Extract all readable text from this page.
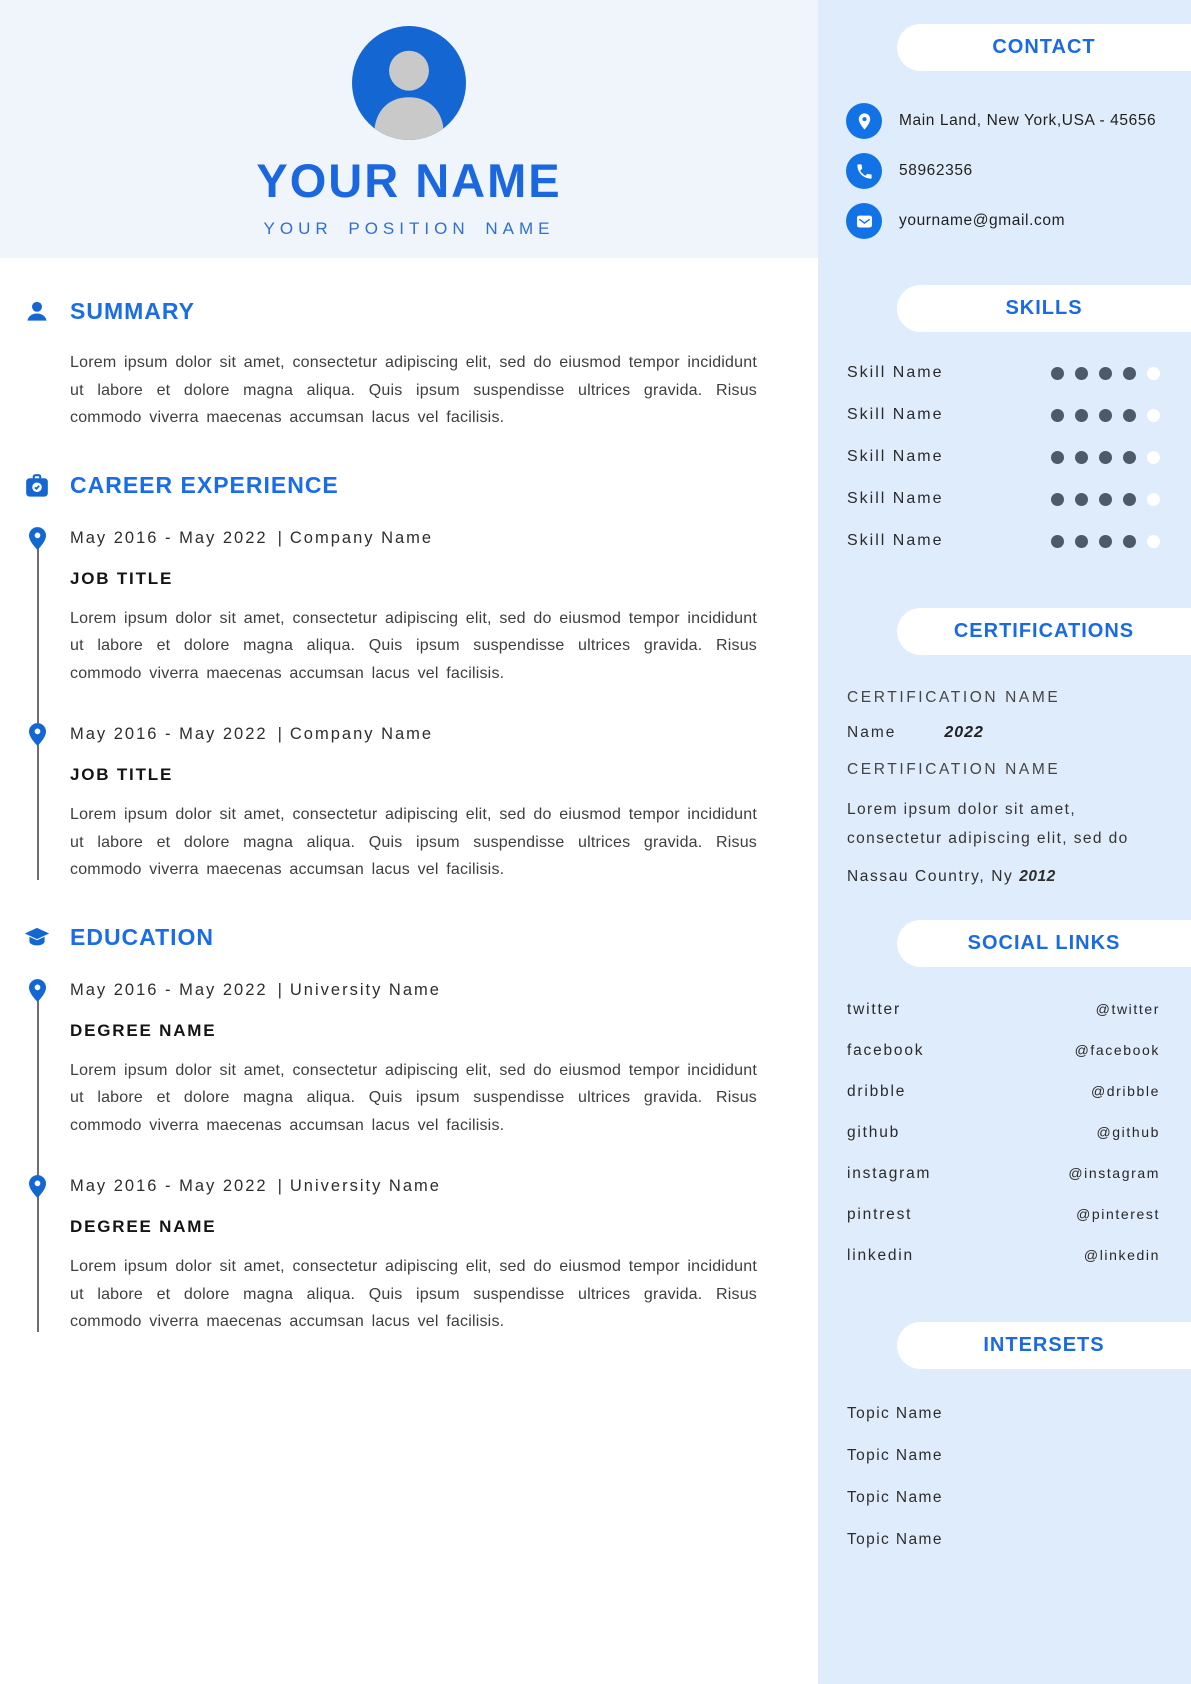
YOUR NAME
YOUR POSITION NAME
SUMMARY

Lorem ipsum dolor sit amet, consectetur adipiscing elit, sed do eiusmod tempor incididunt ut labore et dolore magna aliqua. Quis ipsum suspendisse ultrices gravida. Risus commodo viverra maecenas accumsan lacus vel facilisis.

CAREER EXPERIENCE
May 2016 - May 2022 | Company Name
JOB TITLE

Lorem ipsum dolor sit amet, consectetur adipiscing elit, sed do eiusmod tempor incididunt ut labore et dolore magna aliqua. Quis ipsum suspendisse ultrices gravida. Risus commodo viverra maecenas accumsan lacus vel facilisis.

May 2016 - May 2022 | Company Name
JOB TITLE

Lorem ipsum dolor sit amet, consectetur adipiscing elit, sed do eiusmod tempor incididunt ut labore et dolore magna aliqua. Quis ipsum suspendisse ultrices gravida. Risus commodo viverra maecenas accumsan lacus vel facilisis.

EDUCATION
May 2016 - May 2022 | University Name
DEGREE NAME

Lorem ipsum dolor sit amet, consectetur adipiscing elit, sed do eiusmod tempor incididunt ut labore et dolore magna aliqua. Quis ipsum suspendisse ultrices gravida. Risus commodo viverra maecenas accumsan lacus vel facilisis.

May 2016 - May 2022 | University Name
DEGREE NAME

Lorem ipsum dolor sit amet, consectetur adipiscing elit, sed do eiusmod tempor incididunt ut labore et dolore magna aliqua. Quis ipsum suspendisse ultrices gravida. Risus commodo viverra maecenas accumsan lacus vel facilisis.

CONTACT
Main Land, New York,USA - 45656
58962356
yourname@gmail.com
SKILLS
Skill Name
Skill Name
Skill Name
Skill Name
Skill Name
CERTIFICATIONS
CERTIFICATION NAME
Name	2022
CERTIFICATION NAME
Lorem ipsum dolor sit amet, consectetur adipiscing elit, sed do
Nassau Country, Ny 2012
SOCIAL LINKS
twitter	@twitter
facebook	@facebook
dribble	@dribble
github	@github
instagram	@instagram
pintrest	@pinterest
linkedin	@linkedin
INTERSETS
Topic Name
Topic Name
Topic Name
Topic Name
